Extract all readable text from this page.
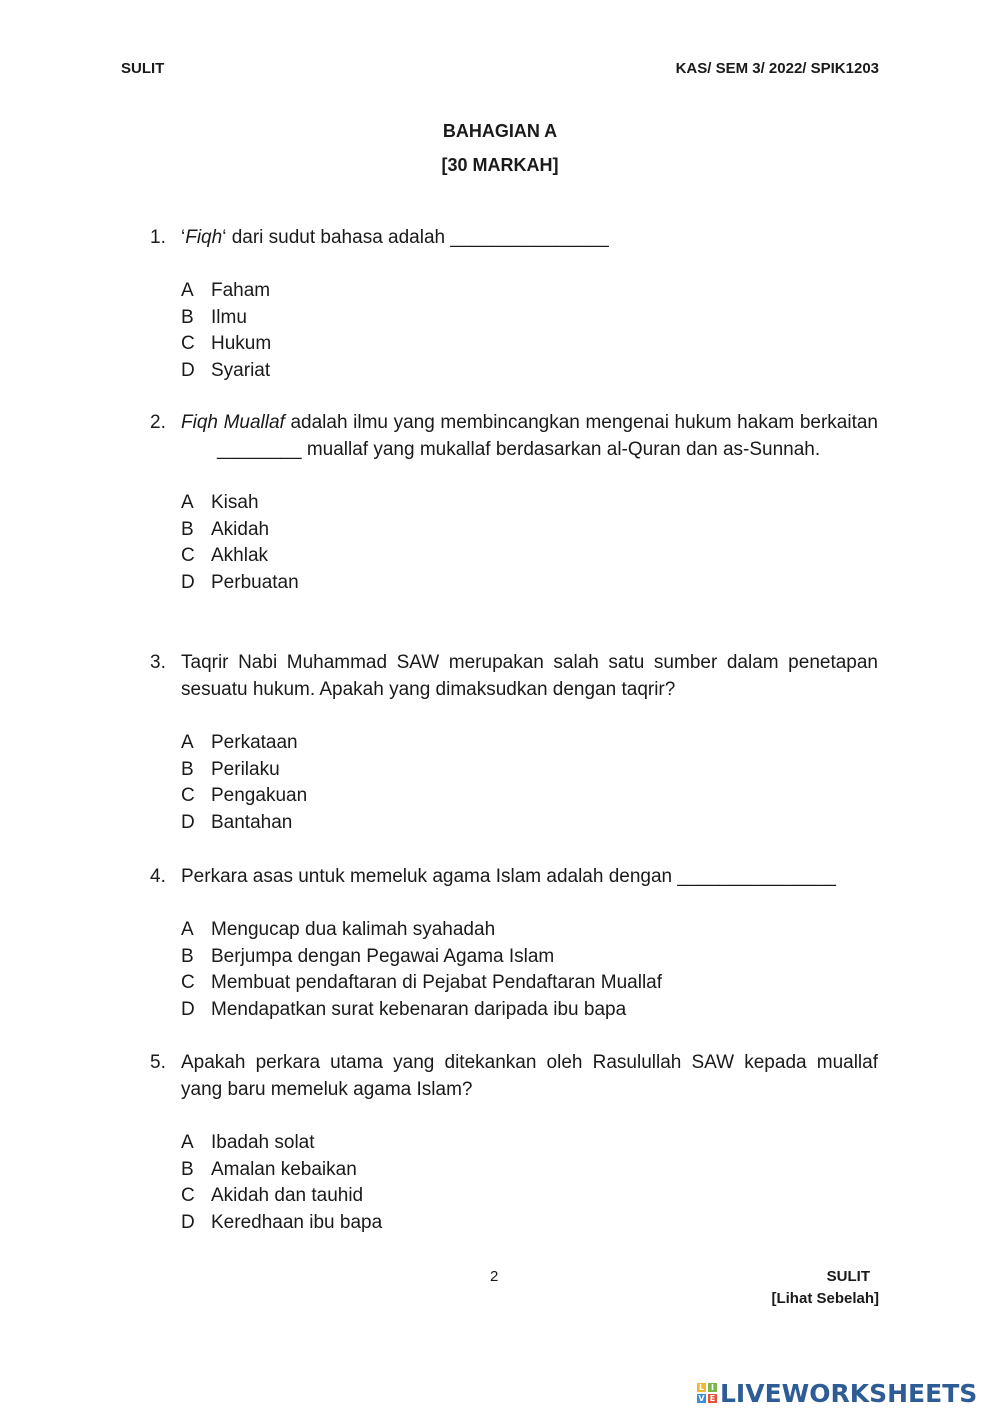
SULIT	KAS/ SEM 3/ 2022/ SPIK1203
BAHAGIAN A
[30 MARKAH]
1. ‘Fiqh‘ dari sudut bahasa adalah _______________
A Faham
B Ilmu
C Hukum
D Syariat
2. Fiqh Muallaf adalah ilmu yang membincangkan mengenai hukum hakam berkaitan________ muallaf yang mukallaf berdasarkan al-Quran dan as-Sunnah.
A Kisah
B Akidah
C Akhlak
D Perbuatan
3. Taqrir Nabi Muhammad SAW merupakan salah satu sumber dalam penetapan sesuatu hukum. Apakah yang dimaksudkan dengan taqrir?
A Perkataan
B Perilaku
C Pengakuan
D Bantahan
4. Perkara asas untuk memeluk agama Islam adalah dengan _______________
A Mengucap dua kalimah syahadah
B Berjumpa dengan Pegawai Agama Islam
C Membuat pendaftaran di Pejabat Pendaftaran Muallaf
D Mendapatkan surat kebenaran daripada ibu bapa
5. Apakah perkara utama yang ditekankan oleh Rasulullah SAW kepada muallaf yang baru memeluk agama Islam?
A Ibadah solat
B Amalan kebaikan
C Akidah dan tauhid
D Keredhaan ibu bapa
2	SULIT
[Lihat Sebelah]
L I
V E LIVEWORKSHEETS
